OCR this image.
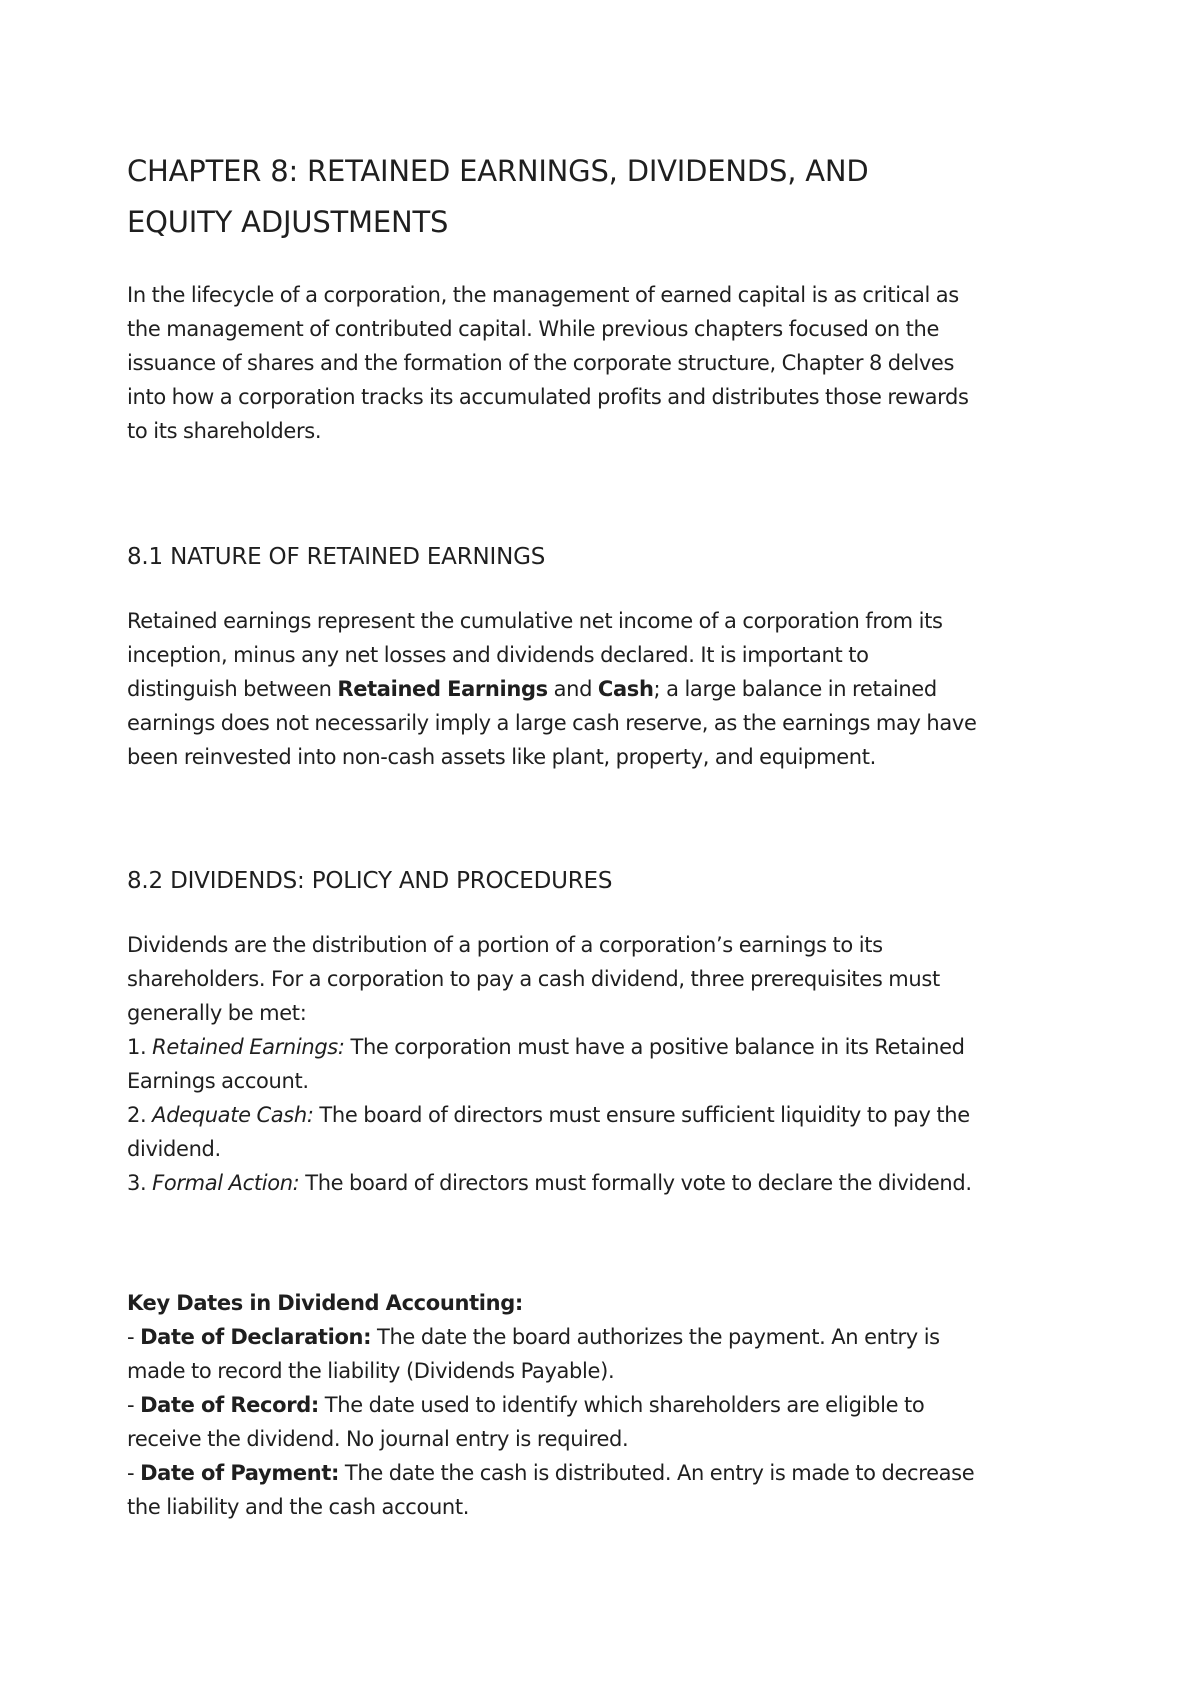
CHAPTER 8: RETAINED EARNINGS, DIVIDENDS, AND
EQUITY ADJUSTMENTS

In the lifecycle of a corporation, the management of earned capital is as critical as
the management of contributed capital. While previous chapters focused on the
issuance of shares and the formation of the corporate structure, Chapter 8 delves
into how a corporation tracks its accumulated profits and distributes those rewards
to its shareholders.

8.1 NATURE OF RETAINED EARNINGS

Retained earnings represent the cumulative net income of a corporation from its
inception, minus any net losses and dividends declared. It is important to
distinguish between Retained Earnings and Cash; a large balance in retained
earnings does not necessarily imply a large cash reserve, as the earnings may have
been reinvested into non-cash assets like plant, property, and equipment.

8.2 DIVIDENDS: POLICY AND PROCEDURES

Dividends are the distribution of a portion of a corporation’s earnings to its
shareholders. For a corporation to pay a cash dividend, three prerequisites must
generally be met:
1. Retained Earnings: The corporation must have a positive balance in its Retained
Earnings account.
2. Adequate Cash: The board of directors must ensure sufficient liquidity to pay the
dividend.
3. Formal Action: The board of directors must formally vote to declare the dividend.

Key Dates in Dividend Accounting:
- Date of Declaration: The date the board authorizes the payment. An entry is
made to record the liability (Dividends Payable).
- Date of Record: The date used to identify which shareholders are eligible to
receive the dividend. No journal entry is required.
- Date of Payment: The date the cash is distributed. An entry is made to decrease
the liability and the cash account.
